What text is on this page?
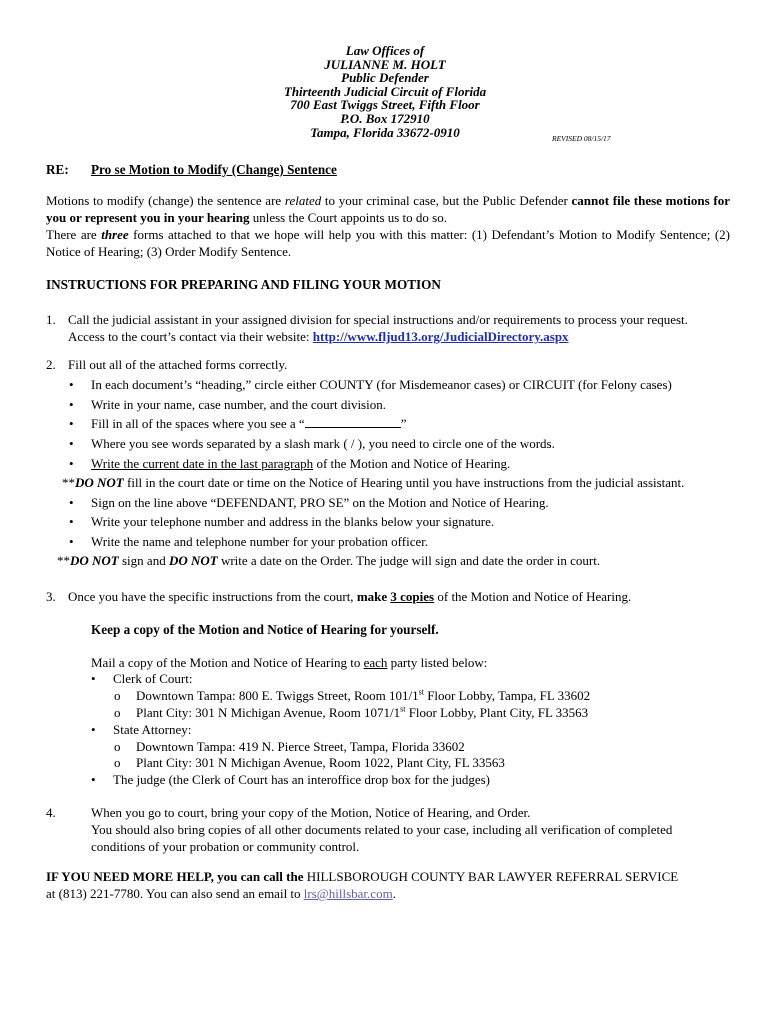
Law Offices of
JULIANNE M. HOLT
Public Defender
Thirteenth Judicial Circuit of Florida
700 East Twiggs Street, Fifth Floor
P.O. Box 172910
Tampa, Florida 33672-0910	REVISED 08/15/17
RE: Pro se Motion to Modify (Change) Sentence
Motions to modify (change) the sentence are related to your criminal case, but the Public Defender cannot file these motions for you or represent you in your hearing unless the Court appoints us to do so.
There are three forms attached to that we hope will help you with this matter: (1) Defendant’s Motion to Modify Sentence; (2) Notice of Hearing; (3) Order Modify Sentence.
INSTRUCTIONS FOR PREPARING AND FILING YOUR MOTION
1. Call the judicial assistant in your assigned division for special instructions and/or requirements to process your request.
Access to the court’s contact via their website: http://www.fljud13.org/JudicialDirectory.aspx
2. Fill out all of the attached forms correctly.
• In each document’s “heading,” circle either COUNTY (for Misdemeanor cases) or CIRCUIT (for Felony cases)
• Write in your name, case number, and the court division.
• Fill in all of the spaces where you see a “	”
• Where you see words separated by a slash mark ( / ), you need to circle one of the words.
• Write the current date in the last paragraph of the Motion and Notice of Hearing.
**DO NOT fill in the court date or time on the Notice of Hearing until you have instructions from the judicial assistant.
• Sign on the line above “DEFENDANT, PRO SE” on the Motion and Notice of Hearing.
• Write your telephone number and address in the blanks below your signature.
• Write the name and telephone number for your probation officer.
**DO NOT sign and DO NOT write a date on the Order. The judge will sign and date the order in court.
3. Once you have the specific instructions from the court, make 3 copies of the Motion and Notice of Hearing.
Keep a copy of the Motion and Notice of Hearing for yourself.
Mail a copy of the Motion and Notice of Hearing to each party listed below:
• Clerk of Court:
o Downtown Tampa: 800 E. Twiggs Street, Room 101/1st Floor Lobby, Tampa, FL 33602
o Plant City: 301 N Michigan Avenue, Room 1071/1st Floor Lobby, Plant City, FL 33563
• State Attorney:
o Downtown Tampa: 419 N. Pierce Street, Tampa, Florida 33602
o Plant City: 301 N Michigan Avenue, Room 1022, Plant City, FL 33563
• The judge (the Clerk of Court has an interoffice drop box for the judges)
4.	When you go to court, bring your copy of the Motion, Notice of Hearing, and Order.
You should also bring copies of all other documents related to your case, including all verification of completed
conditions of your probation or community control.
IF YOU NEED MORE HELP, you can call the HILLSBOROUGH COUNTY BAR LAWYER REFERRAL SERVICE
at (813) 221-7780. You can also send an email to lrs@hillsbar.com.
